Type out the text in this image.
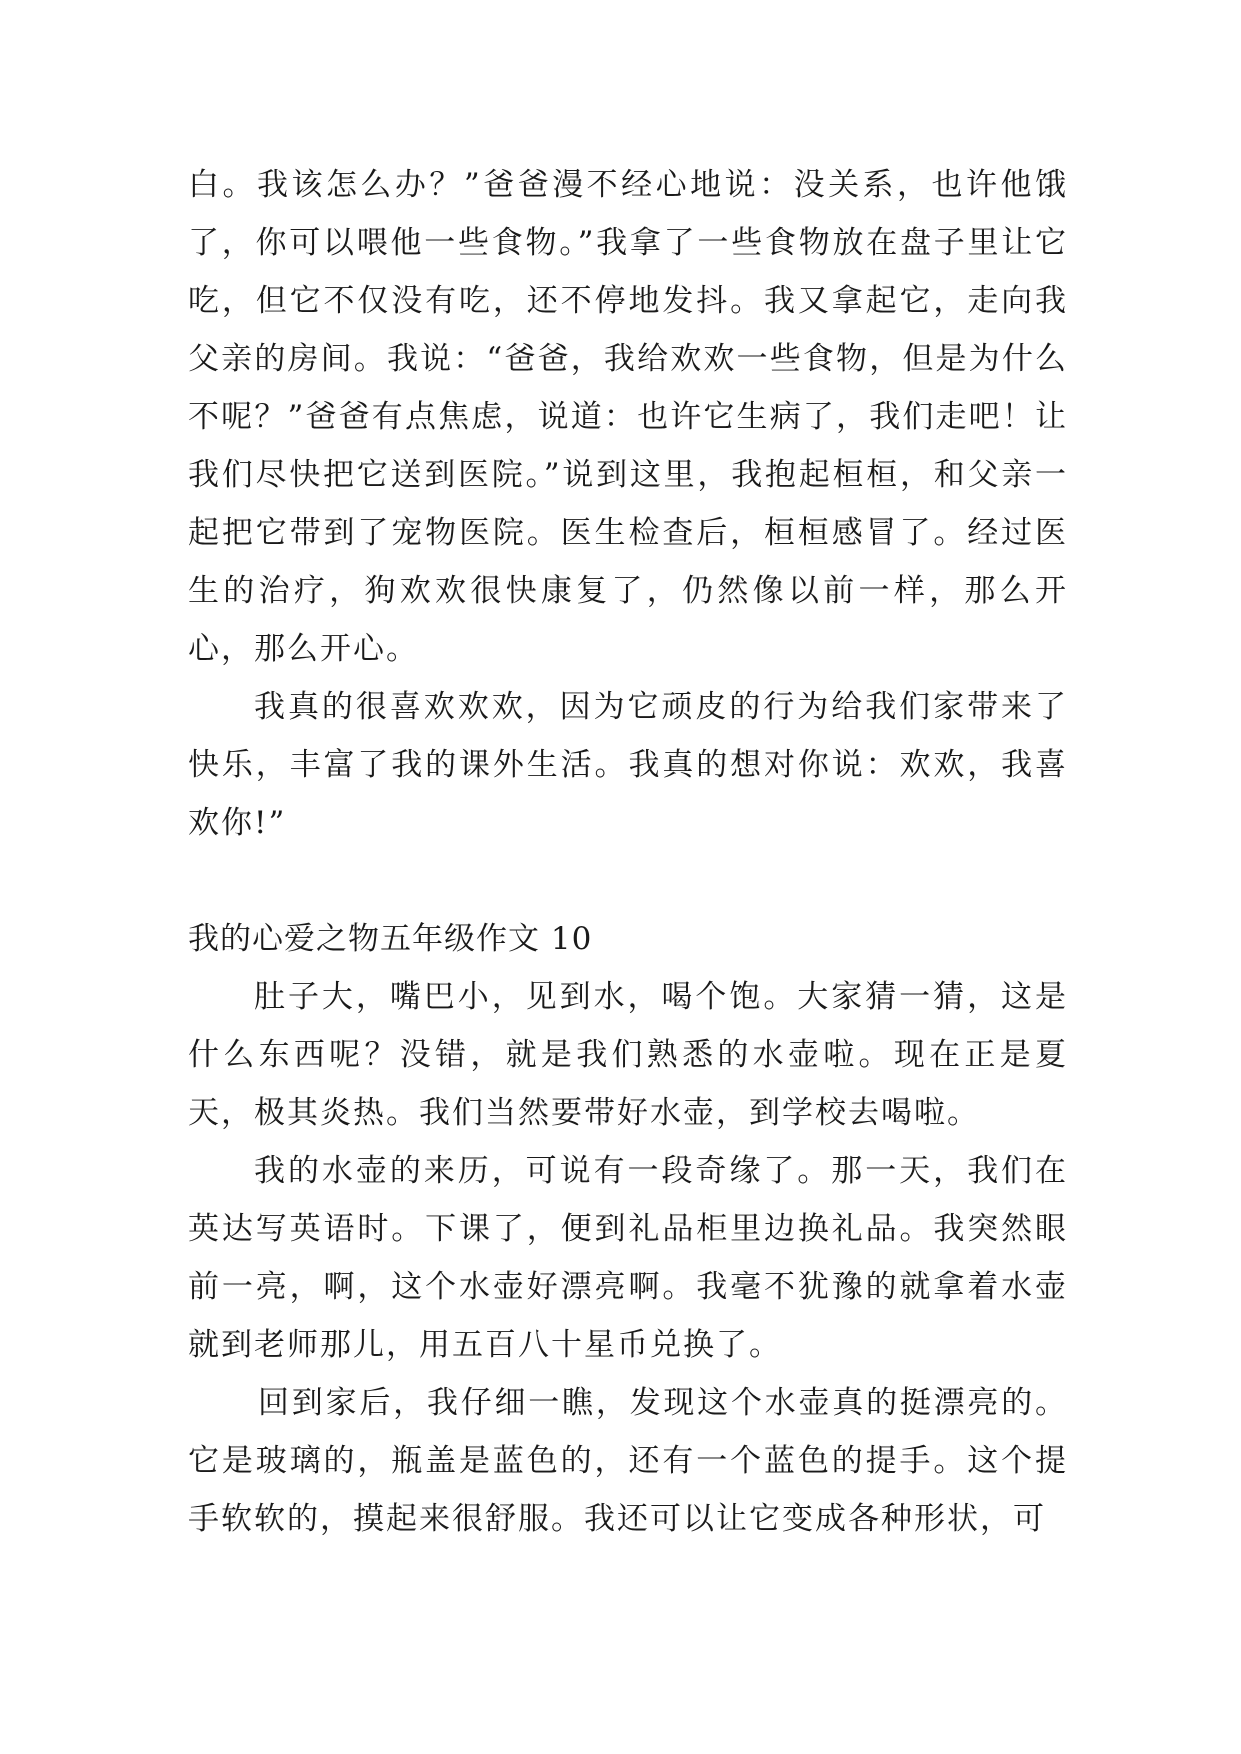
白。我该怎么办？”爸爸漫不经心地说：没关系，也许他饿了，你可以喂他一些食物。”我拿了一些食物放在盘子里让它吃，但它不仅没有吃，还不停地发抖。我又拿起它，走向我父亲的房间。我说：“爸爸，我给欢欢一些食物，但是为什么不呢？”爸爸有点焦虑，说道：也许它生病了，我们走吧！让我们尽快把它送到医院。”说到这里，我抱起桓桓，和父亲一起把它带到了宠物医院。医生检查后，桓桓感冒了。经过医生的治疗，狗欢欢很快康复了，仍然像以前一样，那么开心，那么开心。

我真的很喜欢欢欢，因为它顽皮的行为给我们家带来了快乐，丰富了我的课外生活。我真的想对你说：欢欢，我喜欢你!”

我的心爱之物五年级作文 10

肚子大，嘴巴小，见到水，喝个饱。大家猜一猜，这是什么东西呢？没错，就是我们熟悉的水壶啦。现在正是夏天，极其炎热。我们当然要带好水壶，到学校去喝啦。

我的水壶的来历，可说有一段奇缘了。那一天，我们在英达写英语时。下课了，便到礼品柜里边换礼品。我突然眼前一亮，啊，这个水壶好漂亮啊。我毫不犹豫的就拿着水壶就到老师那儿，用五百八十星币兑换了。

回到家后，我仔细一瞧，发现这个水壶真的挺漂亮的。它是玻璃的，瓶盖是蓝色的，还有一个蓝色的提手。这个提手软软的，摸起来很舒服。我还可以让它变成各种形状，可
